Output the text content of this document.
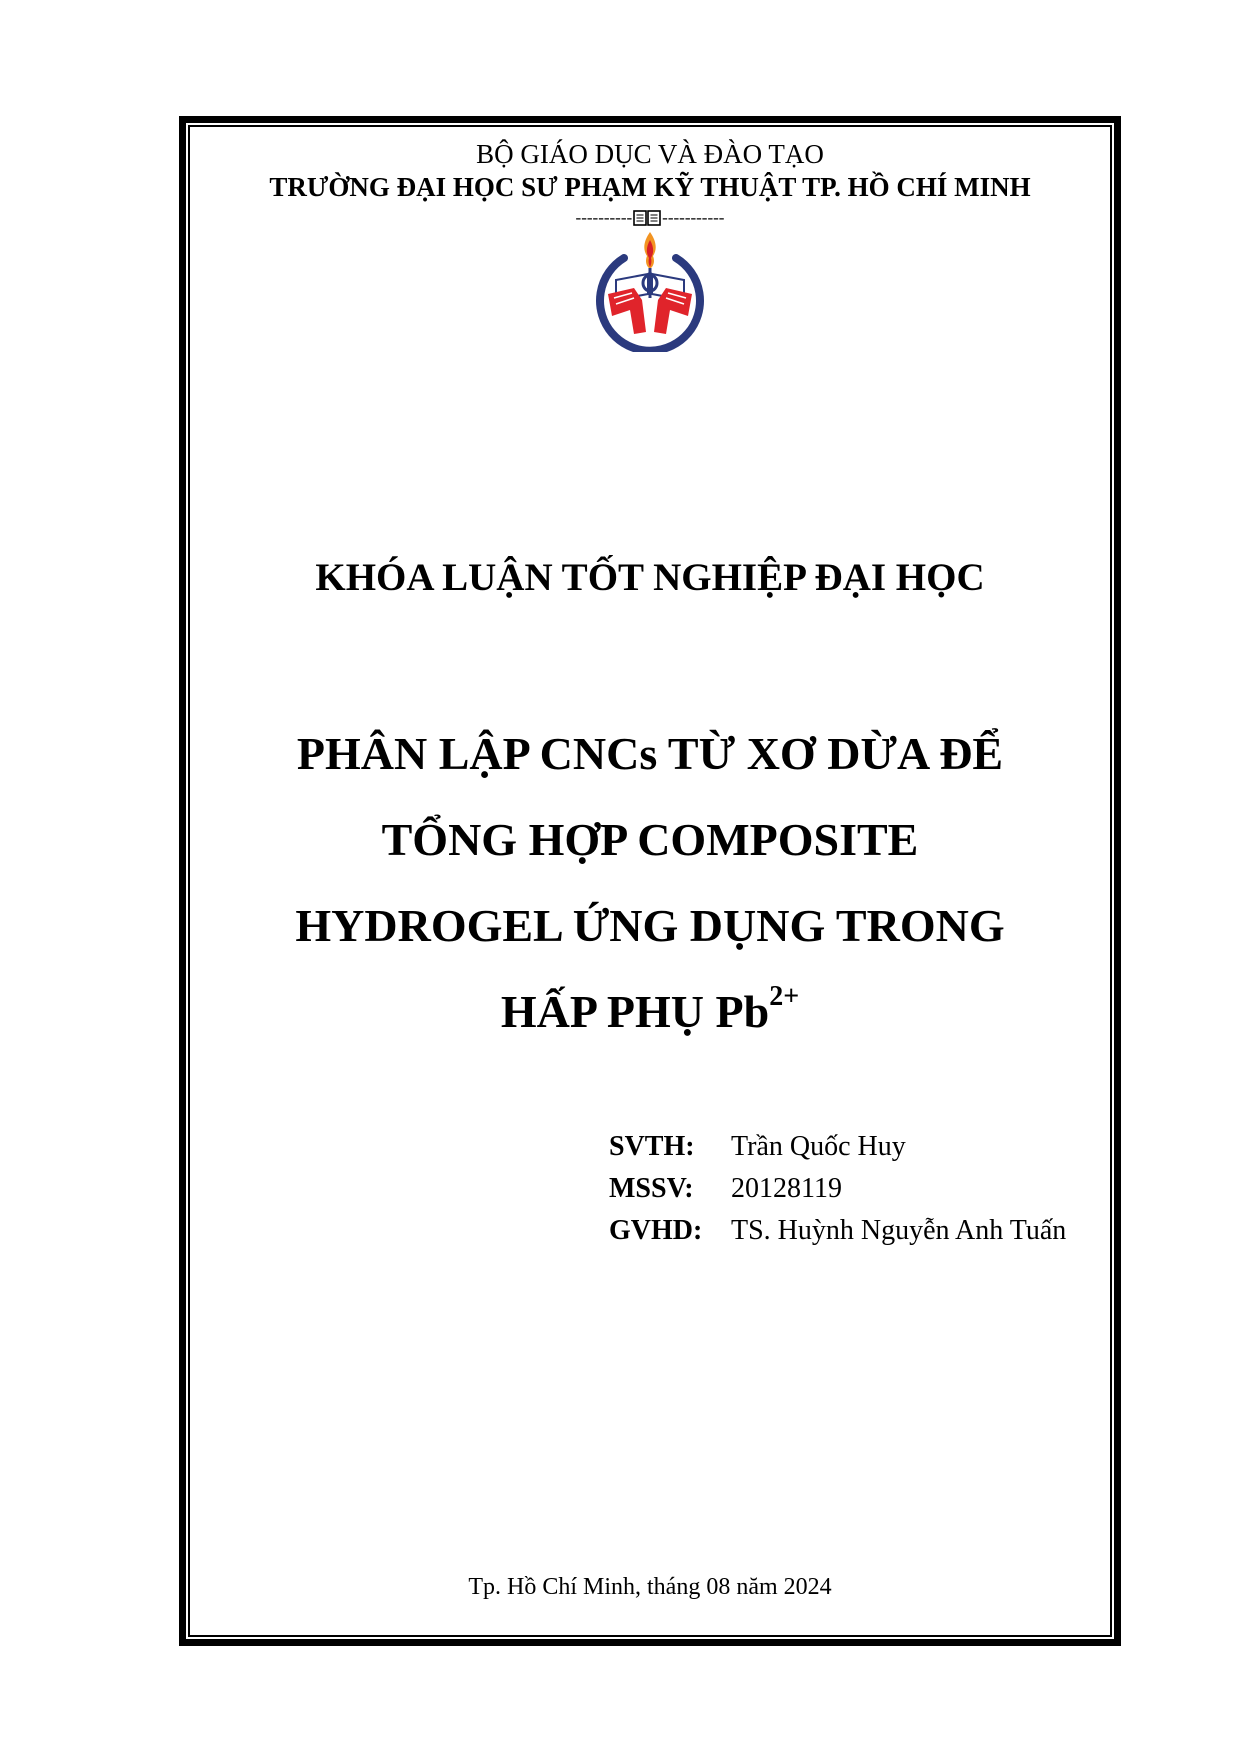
BỘ GIÁO DỤC VÀ ĐÀO TẠO
TRƯỜNG ĐẠI HỌC SƯ PHẠM KỸ THUẬT TP. HỒ CHÍ MINH
---------- -----------
KHÓA LUẬN TỐT NGHIỆP ĐẠI HỌC
PHÂN LẬP CNCs TỪ XƠ DỪA ĐỂ
TỔNG HỢP COMPOSITE
HYDROGEL ỨNG DỤNG TRONG
HẤP PHỤ $Pb^{2+}$
SVTH:	Trần Quốc Huy
MSSV:	20128119
GVHD:	TS. Huỳnh Nguyễn Anh Tuấn
Tp. Hồ Chí Minh, tháng 08 năm 2024
